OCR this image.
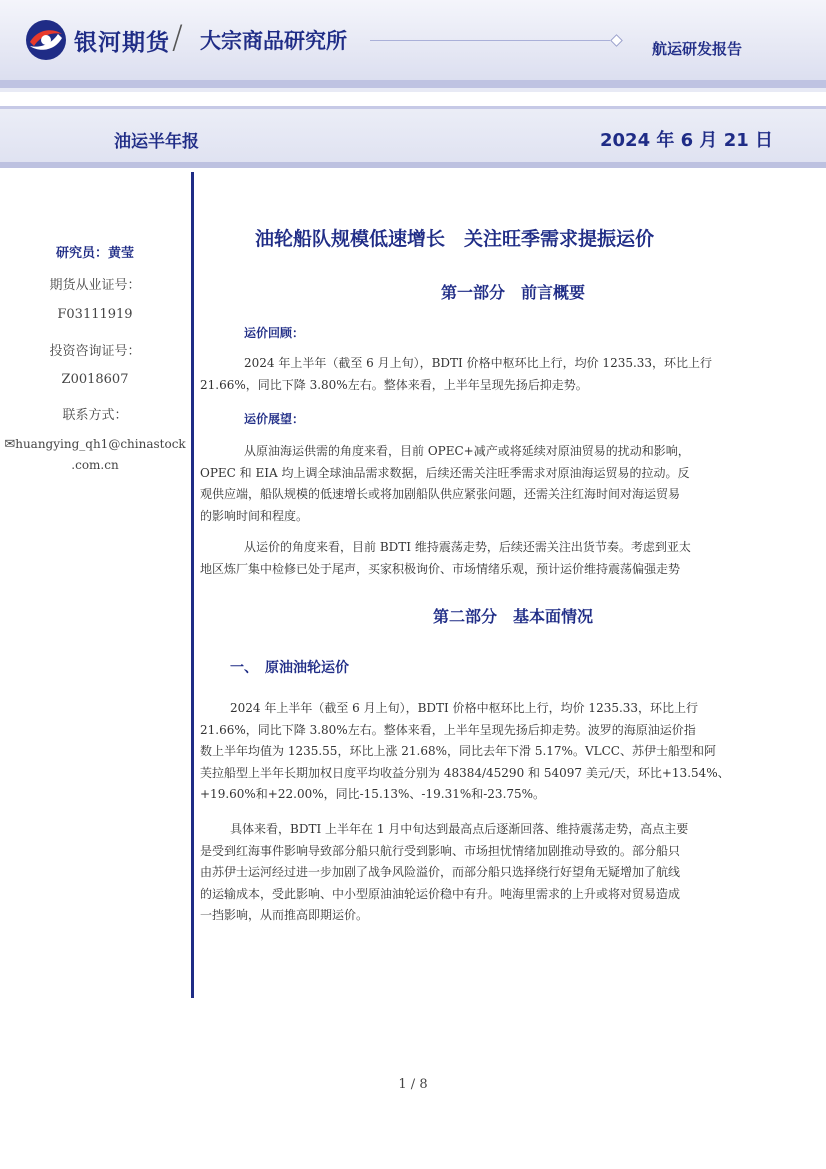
银河期货 / 大宗商品研究所	航运研发报告
油运半年报	2024 年 6 月 21 日
研究员：黄莹
期货从业证号：
F03111919
投资咨询证号：
Z0018607
联系方式：
✉huangying_qh1@chinastock
.com.cn
油轮船队规模低速增长　关注旺季需求提振运价
第一部分　前言概要
运价回顾：
2024 年上半年（截至 6 月上旬），BDTI 价格中枢环比上行，均价 1235.33，环比上行
21.66%，同比下降 3.80%左右。整体来看，上半年呈现先扬后抑走势。
运价展望：
从原油海运供需的角度来看，目前 OPEC+减产或将延续对原油贸易的扰动和影响，
OPEC 和 EIA 均上调全球油品需求数据，后续还需关注旺季需求对原油海运贸易的拉动。反
观供应端，船队规模的低速增长或将加剧船队供应紧张问题，还需关注红海时间对海运贸易
的影响时间和程度。
从运价的角度来看，目前 BDTI 维持震荡走势，后续还需关注出货节奏。考虑到亚太
地区炼厂集中检修已处于尾声，买家积极询价、市场情绪乐观，预计运价维持震荡偏强走势
第二部分　基本面情况
一、　原油油轮运价
2024 年上半年（截至 6 月上旬），BDTI 价格中枢环比上行，均价 1235.33，环比上行
21.66%，同比下降 3.80%左右。整体来看，上半年呈现先扬后抑走势。波罗的海原油运价指
数上半年均值为 1235.55，环比上涨 21.68%，同比去年下滑 5.17%。VLCC、苏伊士船型和阿
芙拉船型上半年长期加权日度平均收益分别为 48384/45290 和 54097 美元/天，环比+13.54%、
+19.60%和+22.00%，同比-15.13%、-19.31%和-23.75%。
具体来看，BDTI 上半年在 1 月中旬达到最高点后逐渐回落、维持震荡走势，高点主要
是受到红海事件影响导致部分船只航行受到影响、市场担忧情绪加剧推动导致的。部分船只
由苏伊士运河经过进一步加剧了战争风险溢价，而部分船只选择绕行好望角无疑增加了航线
的运输成本，受此影响、中小型原油油轮运价稳中有升。吨海里需求的上升或将对贸易造成
一挡影响，从而推高即期运价。
1 / 8
